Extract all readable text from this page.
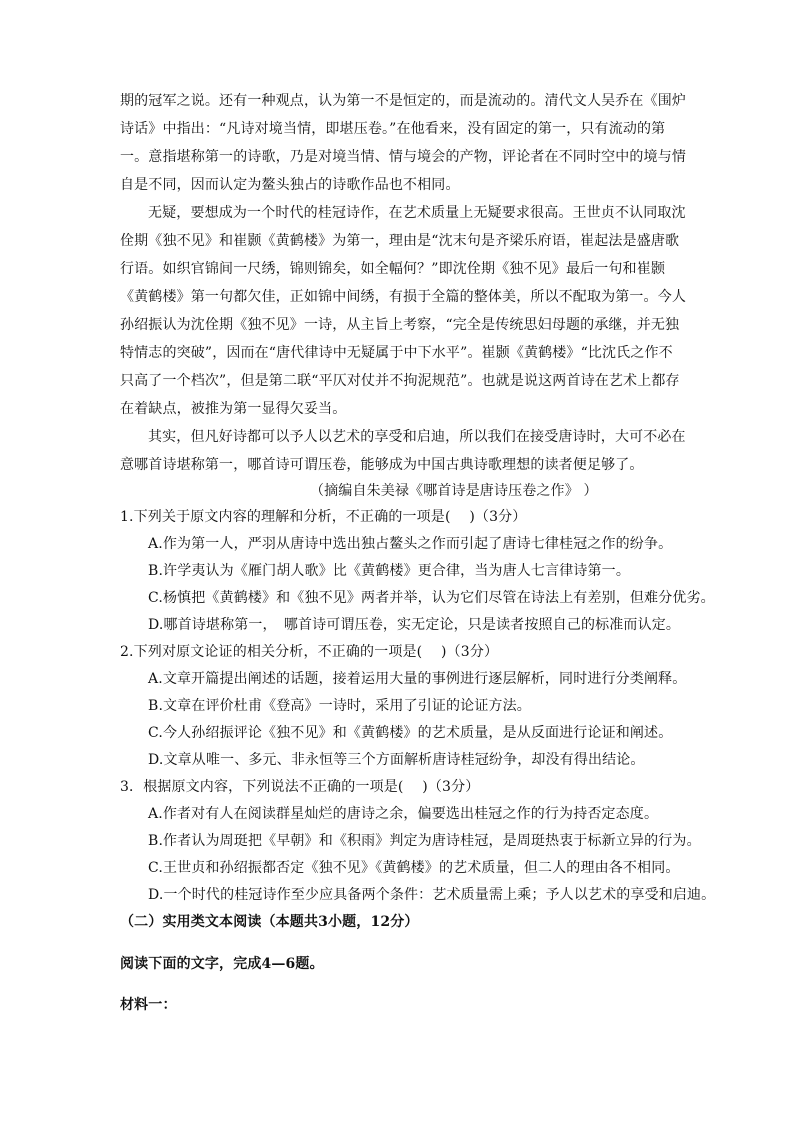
期的冠军之说。还有一种观点，认为第一不是恒定的，而是流动的。清代文人吴乔在《围炉
诗话》中指出：“凡诗对境当情，即堪压卷。”在他看来，没有固定的第一，只有流动的第
一。意指堪称第一的诗歌，乃是对境当情、情与境会的产物，评论者在不同时空中的境与情
自是不同，因而认定为鳌头独占的诗歌作品也不相同。
无疑，要想成为一个时代的桂冠诗作，在艺术质量上无疑要求很高。王世贞不认同取沈
佺期《独不见》和崔颢《黄鹤楼》为第一，理由是“沈末句是齐梁乐府语，崔起法是盛唐歌
行语。如织官锦间一尺绣，锦则锦矣，如全幅何？”即沈佺期《独不见》最后一句和崔颢
《黄鹤楼》第一句都欠佳，正如锦中间绣，有损于全篇的整体美，所以不配取为第一。今人
孙绍振认为沈佺期《独不见》一诗，从主旨上考察，“完全是传统思妇母题的承继，并无独
特情志的突破”，因而在“唐代律诗中无疑属于中下水平”。崔颢《黄鹤楼》“比沈氏之作不
只高了一个档次”，但是第二联“平仄对仗并不拘泥规范”。也就是说这两首诗在艺术上都存
在着缺点，被推为第一显得欠妥当。
其实，但凡好诗都可以予人以艺术的享受和启迪，所以我们在接受唐诗时，大可不必在
意哪首诗堪称第一，哪首诗可谓压卷，能够成为中国古典诗歌理想的读者便足够了。
（摘编自朱美禄《哪首诗是唐诗压卷之作》 ）
1.下列关于原文内容的理解和分析，不正确的一项是(　 )（3分）
A.作为第一人，严羽从唐诗中选出独占鳌头之作而引起了唐诗七律桂冠之作的纷争。
B.许学夷认为《雁门胡人歌》比《黄鹤楼》更合律，当为唐人七言律诗第一。
C.杨慎把《黄鹤楼》和《独不见》两者并举，认为它们尽管在诗法上有差别，但难分优劣。
D.哪首诗堪称第一，　哪首诗可谓压卷，实无定论，只是读者按照自己的标准而认定。
2.下列对原文论证的相关分析，不正确的一项是(　 )（3分）
A.文章开篇提出阐述的话题，接着运用大量的事例进行逐层解析，同时进行分类阐释。
B.文章在评价杜甫《登高》一诗时，采用了引证的论证方法。
C.今人孙绍振评论《独不见》和《黄鹤楼》的艺术质量，是从反面进行论证和阐述。
D.文章从唯一、多元、非永恒等三个方面解析唐诗桂冠纷争，却没有得出结论。
3．根据原文内容，下列说法不正确的一项是(　 )（3分）
A.作者对有人在阅读群星灿烂的唐诗之余，偏要选出桂冠之作的行为持否定态度。
B.作者认为周珽把《早朝》和《积雨》判定为唐诗桂冠，是周珽热衷于标新立异的行为。
C.王世贞和孙绍振都否定《独不见》《黄鹤楼》的艺术质量，但二人的理由各不相同。
D.一个时代的桂冠诗作至少应具备两个条件：艺术质量需上乘；予人以艺术的享受和启迪。
（二）实用类文本阅读（本题共3小题，12分）
阅读下面的文字，完成4—6题。
材料一：
